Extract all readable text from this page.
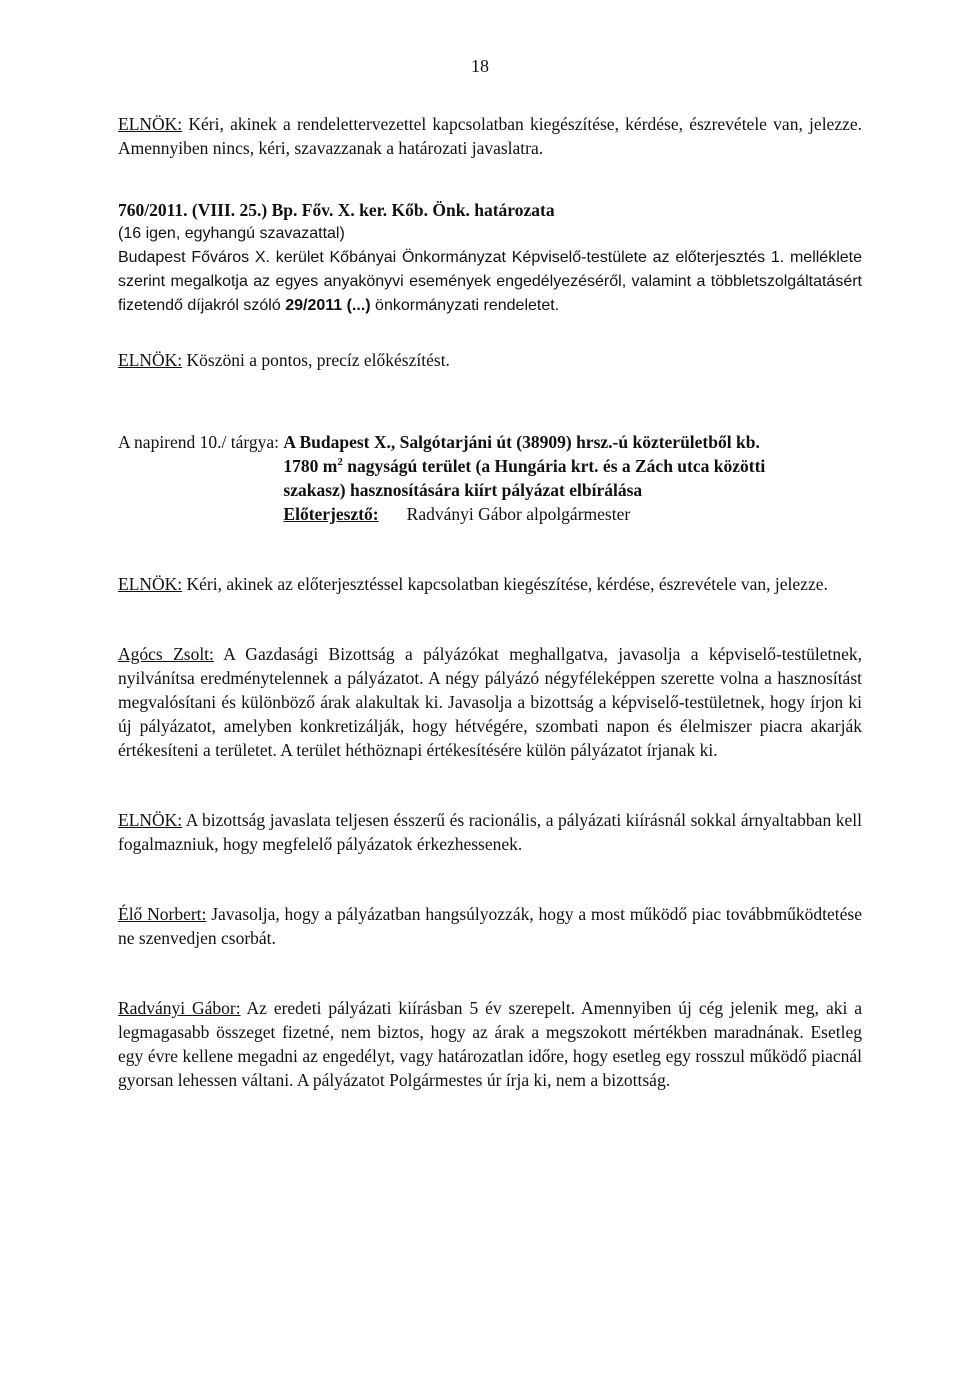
18

ELNÖK: Kéri, akinek a rendelettervezettel kapcsolatban kiegészítése, kérdése, észrevétele van, jelezze. Amennyiben nincs, kéri, szavazzanak a határozati javaslatra.

760/2011. (VIII. 25.) Bp. Főv. X. ker. Kőb. Önk. határozata

(16 igen, egyhangú szavazattal)

Budapest Főváros X. kerület Kőbányai Önkormányzat Képviselő-testülete az előterjesztés 1. melléklete szerint megalkotja az egyes anyakönyvi események engedélyezéséről, valamint a többletszolgáltatásért fizetendő díjakról szóló 29/2011 (...) önkormányzati rendeletet.

ELNÖK: Köszöni a pontos, precíz előkészítést.

A napirend 10./ tárgya: A Budapest X., Salgótarjáni út (38909) hrsz.-ú közterületből kb.

1780 $m^2$ nagyságú terület (a Hungária krt. és a Zách utca közötti

szakasz) hasznosítására kiírt pályázat elbírálása

Előterjesztő: Radványi Gábor alpolgármester

ELNÖK: Kéri, akinek az előterjesztéssel kapcsolatban kiegészítése, kérdése, észrevétele van, jelezze.

Agócs Zsolt: A Gazdasági Bizottság a pályázókat meghallgatva, javasolja a képviselő-testületnek, nyilvánítsa eredménytelennek a pályázatot. A négy pályázó négyféleképpen szerette volna a hasznosítást megvalósítani és különböző árak alakultak ki. Javasolja a bizottság a képviselő-testületnek, hogy írjon ki új pályázatot, amelyben konkretizálják, hogy hétvégére, szombati napon és élelmiszer piacra akarják értékesíteni a területet. A terület héthöznapi értékesítésére külön pályázatot írjanak ki.

ELNÖK: A bizottság javaslata teljesen ésszerű és racionális, a pályázati kiírásnál sokkal árnyaltabban kell fogalmazniuk, hogy megfelelő pályázatok érkezhessenek.

Élő Norbert: Javasolja, hogy a pályázatban hangsúlyozzák, hogy a most működő piac továbbműködtetése ne szenvedjen csorbát.

Radványi Gábor: Az eredeti pályázati kiírásban 5 év szerepelt. Amennyiben új cég jelenik meg, aki a legmagasabb összeget fizetné, nem biztos, hogy az árak a megszokott mértékben maradnának. Esetleg egy évre kellene megadni az engedélyt, vagy határozatlan időre, hogy esetleg egy rosszul működő piacnál gyorsan lehessen váltani. A pályázatot Polgármestes úr írja ki, nem a bizottság.
